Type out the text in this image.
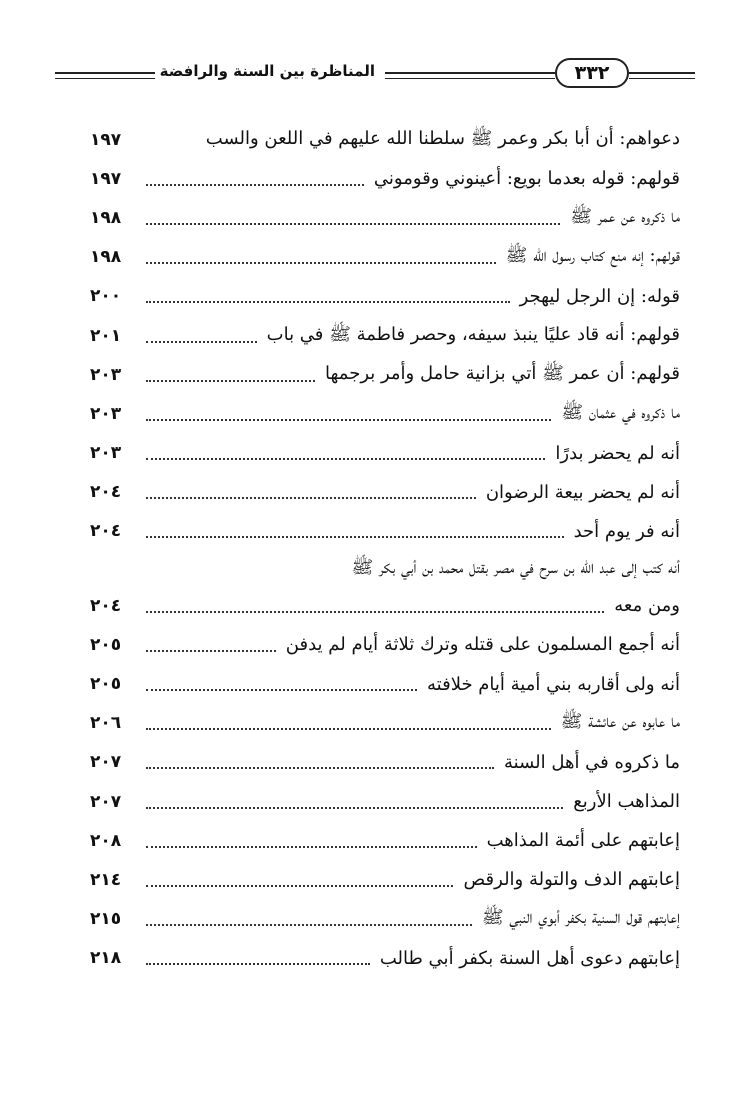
المناظرة بين السنة والرافضة	٣٣٢
دعواهم: أن أبا بكر وعمر ﷺ سلطنا الله عليهم في اللعن والسب
١٩٧
قولهم: قوله بعدما بويع: أعينوني وقوموني
١٩٧
ما ذكروه عن عمر ﷺ
١٩٨
قولهم: إنه منع كتاب رسول الله ﷺ
١٩٨
قوله: إن الرجل ليهجر
٢٠٠
قولهم: أنه قاد عليًا ينبذ سيفه، وحصر فاطمة ﷺ في باب
٢٠١
قولهم: أن عمر ﷺ أتي بزانية حامل وأمر برجمها
٢٠٣
ما ذكروه في عثمان ﷺ
٢٠٣
أنه لم يحضر بدرًا
٢٠٣
أنه لم يحضر بيعة الرضوان
٢٠٤
أنه فر يوم أحد
٢٠٤
أنه كتب إلى عبد الله بن سرح في مصر بقتل محمد بن أبي بكر ﷺ
ومن معه
٢٠٤
أنه أجمع المسلمون على قتله وترك ثلاثة أيام لم يدفن
٢٠٥
أنه ولى أقاربه بني أمية أيام خلافته
٢٠٥
ما عابوه عن عائشة ﷺ
٢٠٦
ما ذكروه في أهل السنة
٢٠٧
المذاهب الأربع
٢٠٧
إعابتهم على أئمة المذاهب
٢٠٨
إعابتهم الدف والتولة والرقص
٢١٤
إعابتهم قول السنية بكفر أبوي النبي ﷺ
٢١٥
إعابتهم دعوى أهل السنة بكفر أبي طالب
٢١٨
